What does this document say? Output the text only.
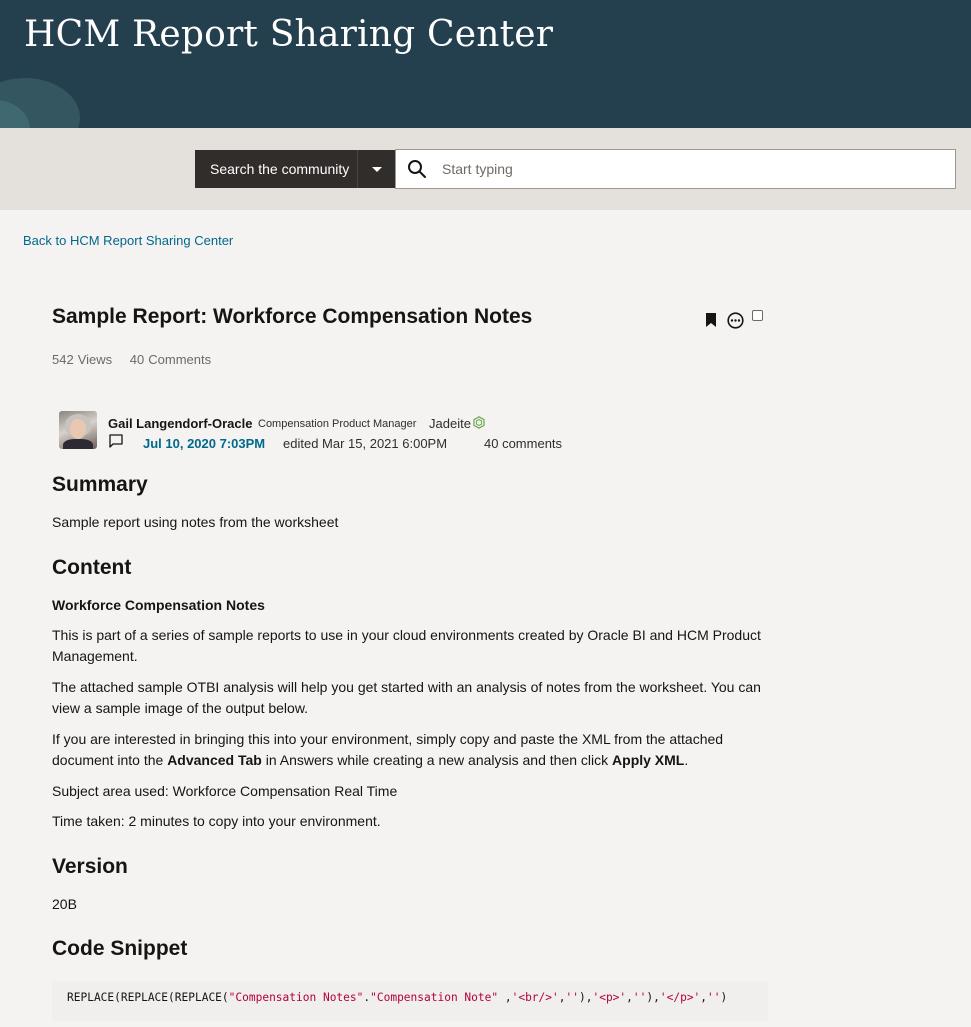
HCM Report Sharing Center
Search the community
Start typing
Back to HCM Report Sharing Center
Sample Report: Workforce Compensation Notes
542 Views 40 Comments
Gail Langendorf-Oracle Compensation Product Manager Jadeite
Jul 10, 2020 7:03PM edited Mar 15, 2021 6:00PM	40 comments
Summary

Sample report using notes from the worksheet

Content

Workforce Compensation Notes

This is part of a series of sample reports to use in your cloud environments created by Oracle BI and HCM Product Management.

The attached sample OTBI analysis will help you get started with an analysis of notes from the worksheet. You can view a sample image of the output below.

If you are interested in bringing this into your environment, simply copy and paste the XML from the attached document into the Advanced Tab in Answers while creating a new analysis and then click Apply XML.

Subject area used: Workforce Compensation Real Time

Time taken: 2 minutes to copy into your environment.

Version

20B

Code Snippet
REPLACE(REPLACE(REPLACE("Compensation Notes"."Compensation Note" ,'<br/>',''),'<p>',''),'</p>','')
